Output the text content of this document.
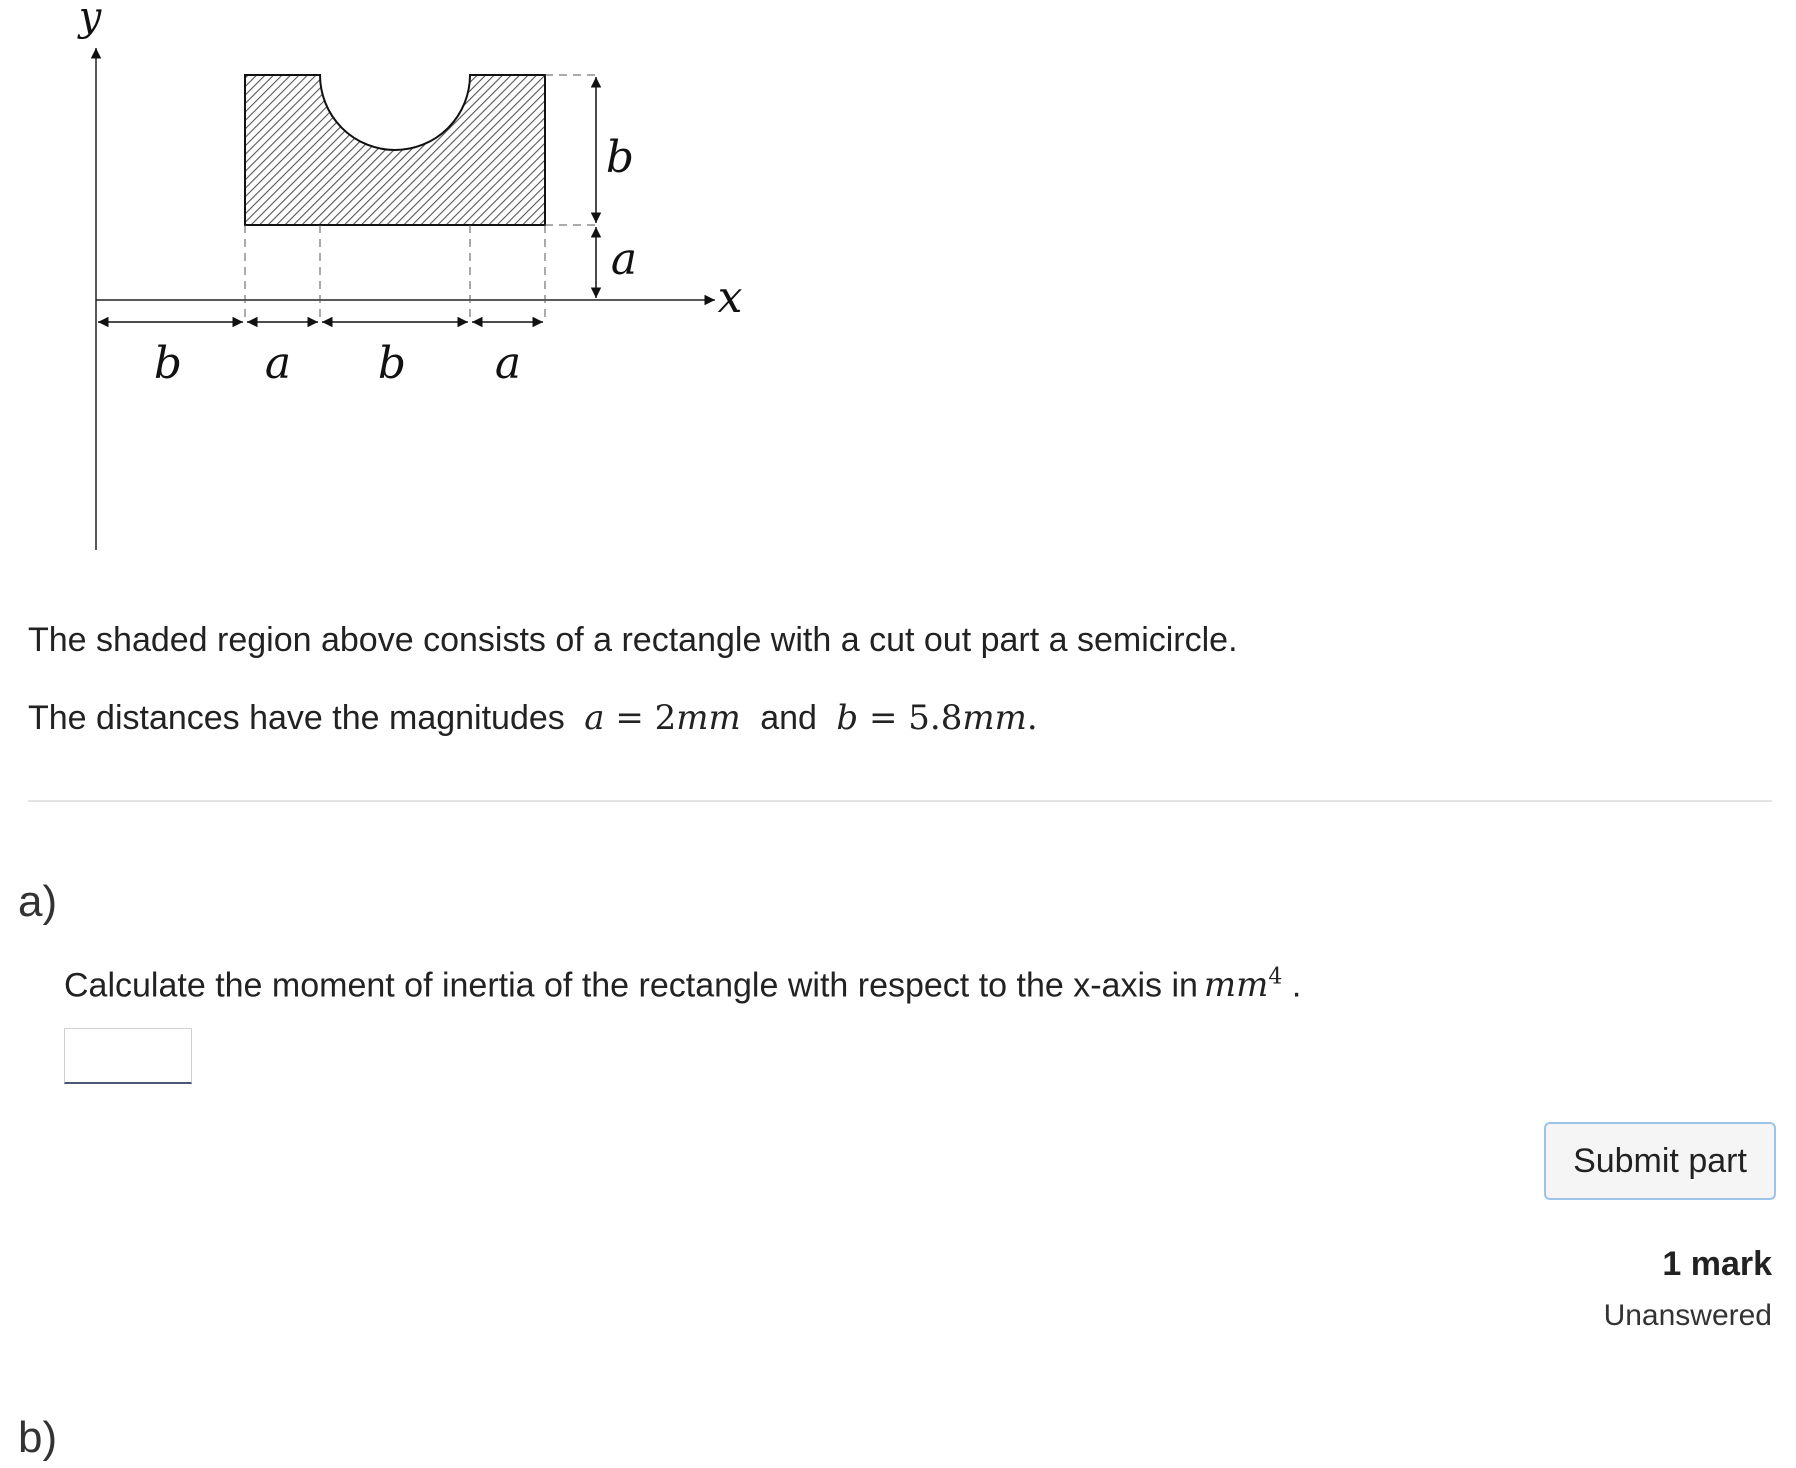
y
x
b a b a
b
a

The shaded region above consists of a rectangle with a cut out part a semicircle.

The distances have the magnitudes a = 2mm and b = 5.8mm.

a)
Calculate the moment of inertia of the rectangle with respect to the x-axis in $mm^4$ .
Submit part
1 mark
Unanswered
b)
